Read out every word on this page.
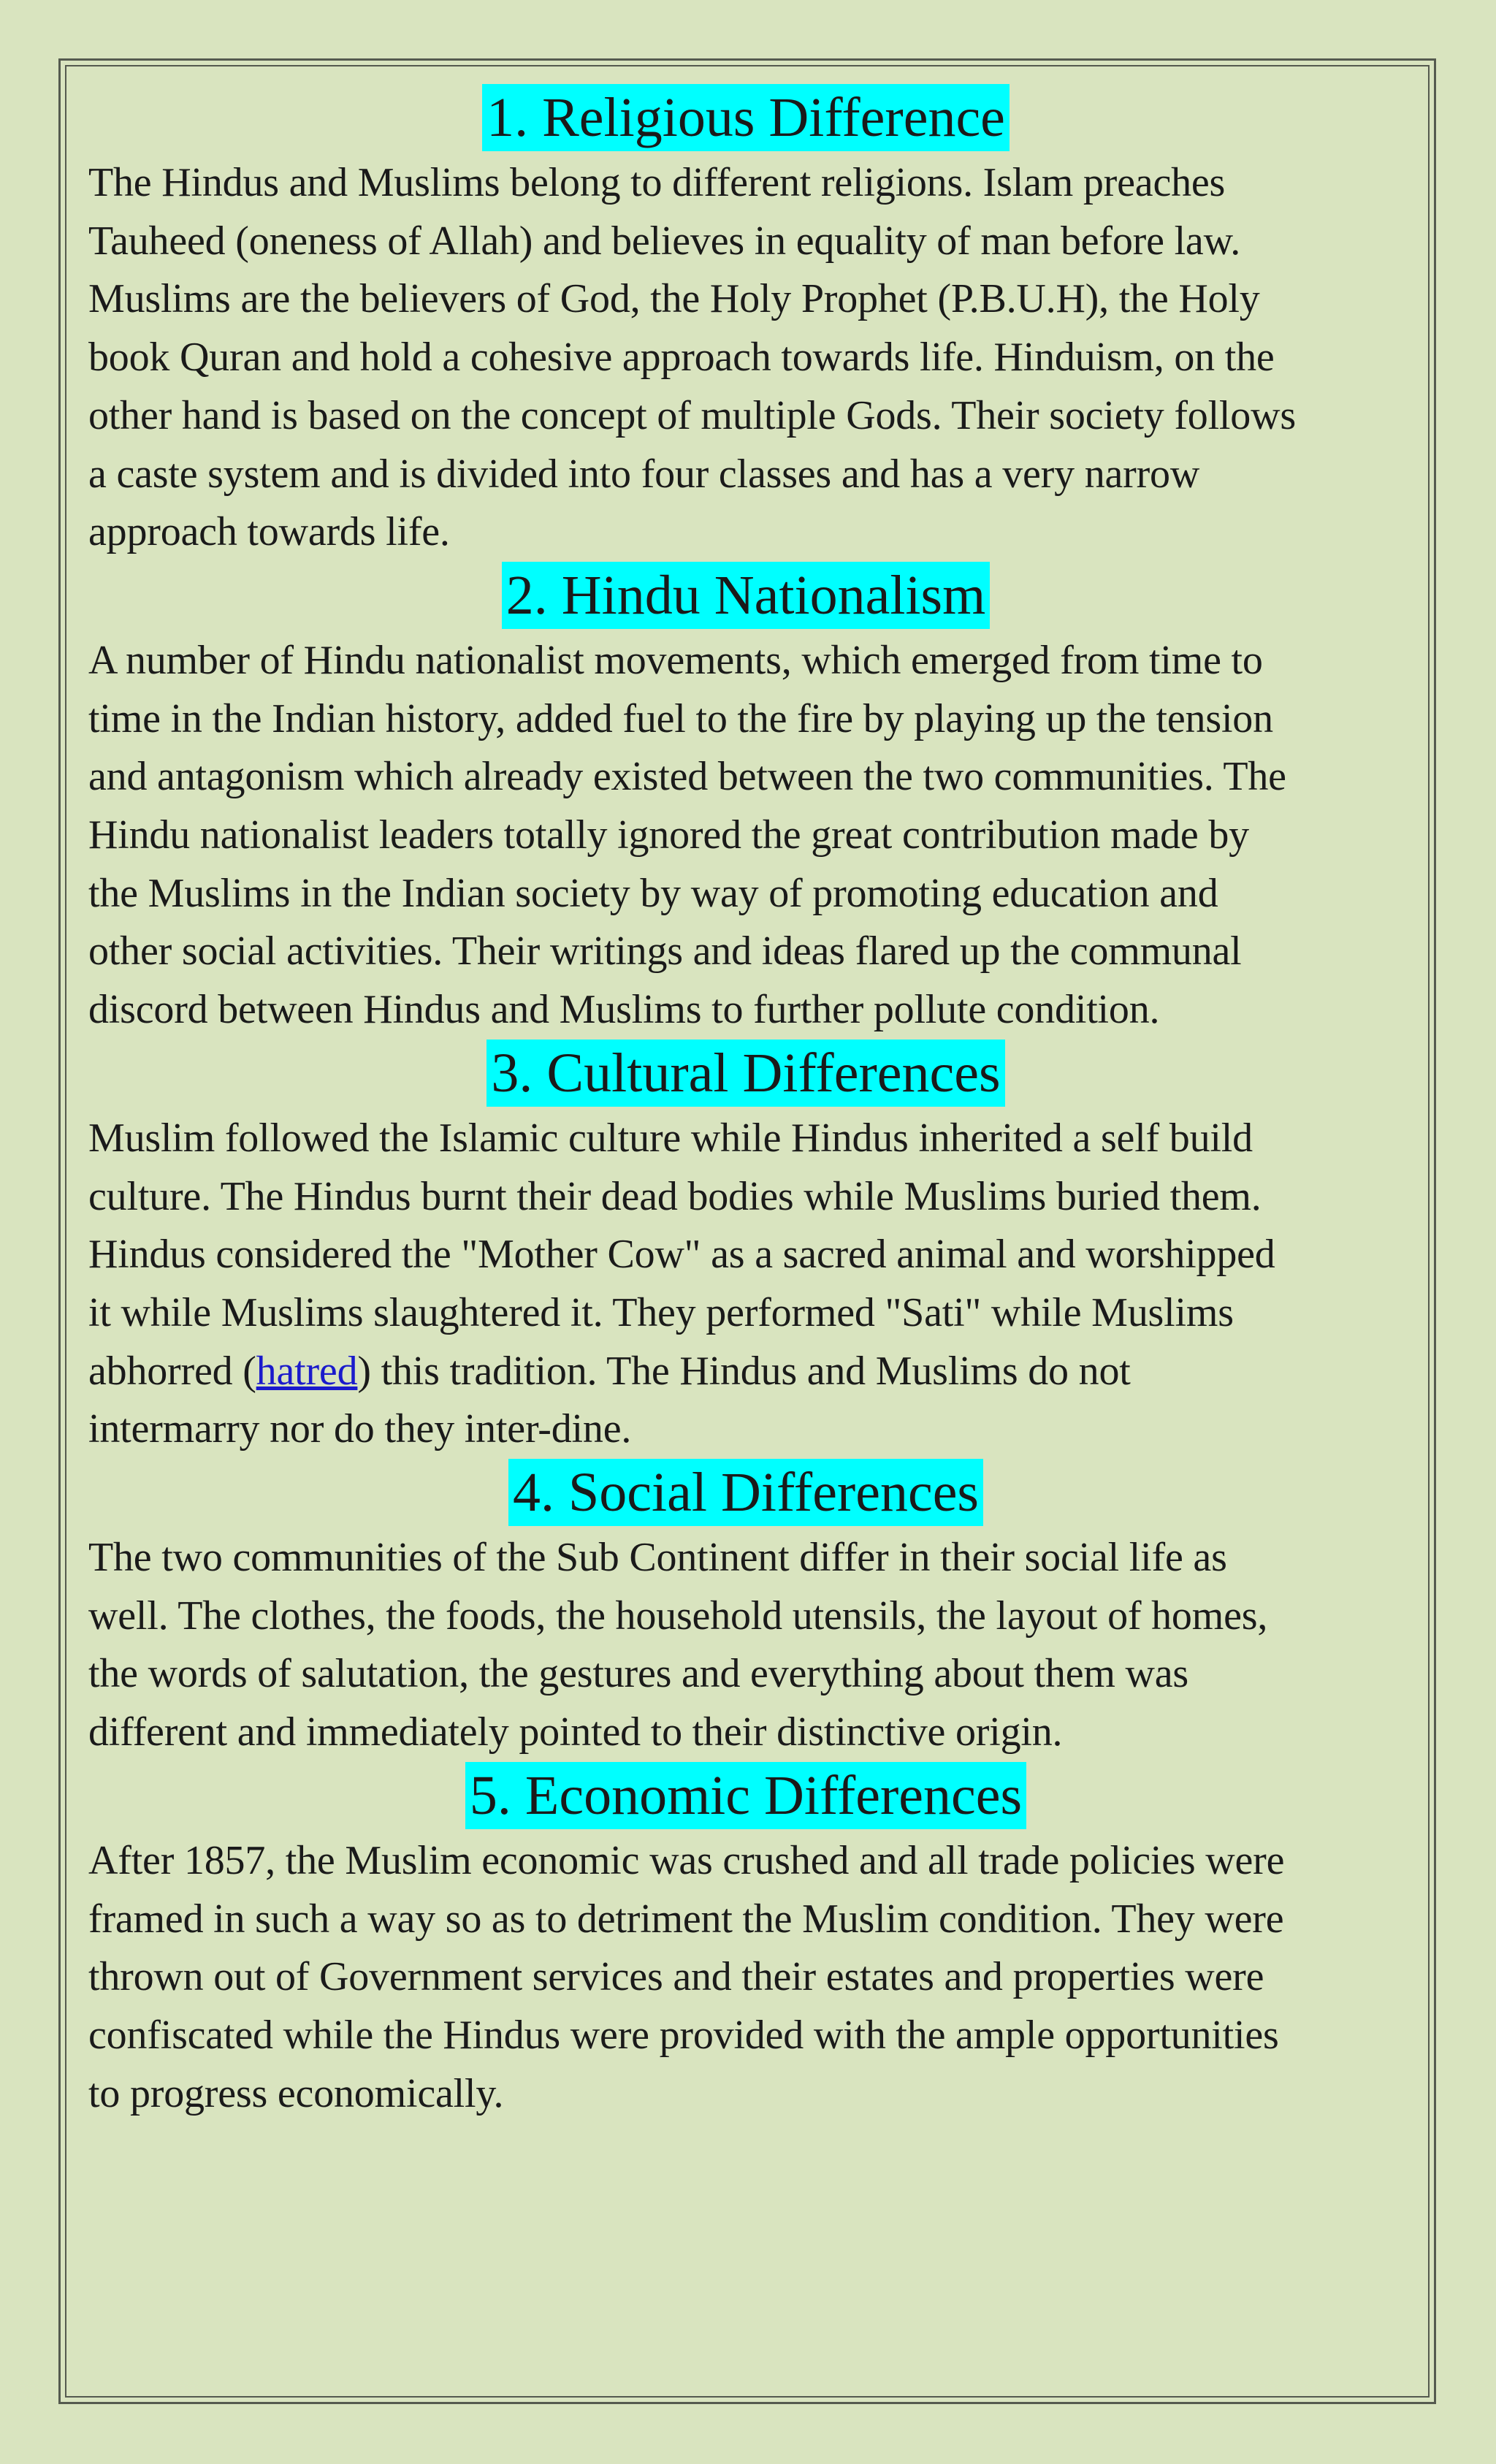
1. Religious Difference

The Hindus and Muslims belong to different religions. Islam preaches
Tauheed (oneness of Allah) and believes in equality of man before law.
Muslims are the believers of God, the Holy Prophet (P.B.U.H), the Holy
book Quran and hold a cohesive approach towards life. Hinduism, on the
other hand is based on the concept of multiple Gods. Their society follows
a caste system and is divided into four classes and has a very narrow
approach towards life.

2. Hindu Nationalism

A number of Hindu nationalist movements, which emerged from time to
time in the Indian history, added fuel to the fire by playing up the tension
and antagonism which already existed between the two communities. The
Hindu nationalist leaders totally ignored the great contribution made by
the Muslims in the Indian society by way of promoting education and
other social activities. Their writings and ideas flared up the communal
discord between Hindus and Muslims to further pollute condition.

3. Cultural Differences

Muslim followed the Islamic culture while Hindus inherited a self build
culture. The Hindus burnt their dead bodies while Muslims buried them.
Hindus considered the "Mother Cow" as a sacred animal and worshipped
it while Muslims slaughtered it. They performed "Sati" while Muslims
abhorred (hatred) this tradition. The Hindus and Muslims do not
intermarry nor do they inter-dine.

4. Social Differences

The two communities of the Sub Continent differ in their social life as
well. The clothes, the foods, the household utensils, the layout of homes,
the words of salutation, the gestures and everything about them was
different and immediately pointed to their distinctive origin.

5. Economic Differences

After 1857, the Muslim economic was crushed and all trade policies were
framed in such a way so as to detriment the Muslim condition. They were
thrown out of Government services and their estates and properties were
confiscated while the Hindus were provided with the ample opportunities
to progress economically.
